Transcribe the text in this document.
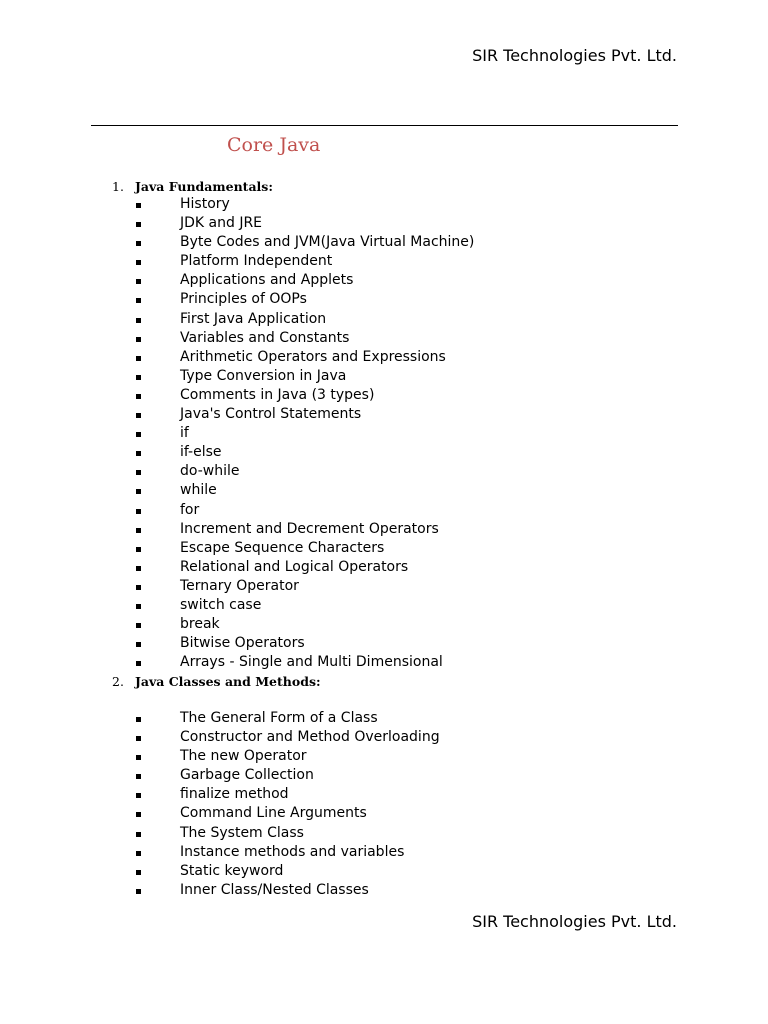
SIR Technologies Pvt. Ltd.
Core Java
1. Java Fundamentals:
History
JDK and JRE
Byte Codes and JVM(Java Virtual Machine)
Platform Independent
Applications and Applets
Principles of OOPs
First Java Application
Variables and Constants
Arithmetic Operators and Expressions
Type Conversion in Java
Comments in Java (3 types)
Java's Control Statements
if
if-else
do-while
while
for
Increment and Decrement Operators
Escape Sequence Characters
Relational and Logical Operators
Ternary Operator
switch case
break
Bitwise Operators
Arrays - Single and Multi Dimensional
2. Java Classes and Methods:
The General Form of a Class
Constructor and Method Overloading
The new Operator
Garbage Collection
finalize method
Command Line Arguments
The System Class
Instance methods and variables
Static keyword
Inner Class/Nested Classes
SIR Technologies Pvt. Ltd.
